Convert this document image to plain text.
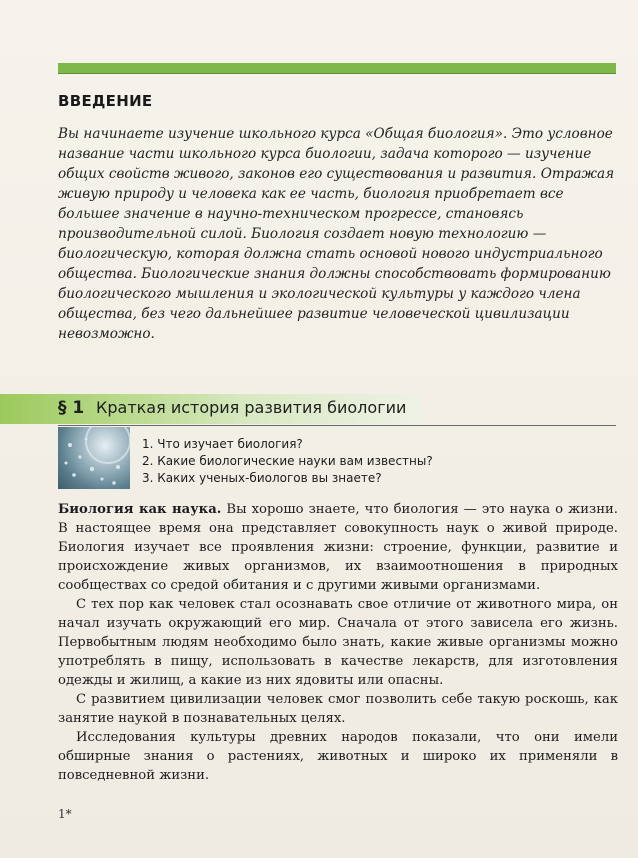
ВВЕДЕНИЕ
Вы начинаете изучение школьного курса «Общая биология». Это условное название части школьного курса биологии, задача которого — изучение общих свойств живого, законов его существования и развития. Отражая живую природу и человека как ее часть, биология приобретает все большее значение в научно-техническом прогрессе, становясь производительной силой. Биология создает новую технологию — биологическую, которая должна стать основой нового индустриального общества. Биологические знания должны способствовать формированию биологического мышления и экологической культуры у каждого члена общества, без чего дальнейшее развитие человеческой цивилизации невозможно.
§ 1 Краткая история развития биологии
1. Что изучает биология?
2. Какие биологические науки вам известны?
3. Каких ученых-биологов вы знаете?

Биология как наука. Вы хорошо знаете, что биология — это наука о жизни. В настоящее время она представляет совокупность наук о живой природе. Биология изучает все проявления жизни: строение, функции, развитие и происхождение живых организмов, их взаимоотношения в природных сообществах со средой обитания и с другими живыми организмами.

С тех пор как человек стал осознавать свое отличие от животного мира, он начал изучать окружающий его мир. Сначала от этого зависела его жизнь. Первобытным людям необходимо было знать, какие живые организмы можно употреблять в пищу, использовать в качестве лекарств, для изготовления одежды и жилищ, а какие из них ядовиты или опасны.

С развитием цивилизации человек смог позволить себе такую роскошь, как занятие наукой в познавательных целях.

Исследования культуры древних народов показали, что они имели обширные знания о растениях, животных и широко их применяли в повседневной жизни.

1*
